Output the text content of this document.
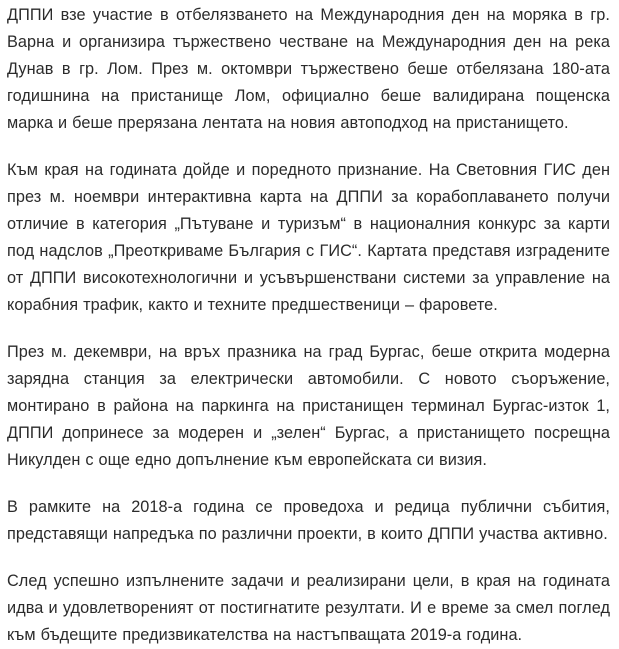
ДППИ взе участие в отбелязването на Международния ден на моряка в гр. Варна и организира тържествено честване на Международния ден на река Дунав в гр. Лом. През м. октомври тържествено беше отбелязана 180-ата годишнина на пристанище Лом, официално беше валидирана пощенска марка и беше прерязана лентата на новия автоподход на пристанището.

Към края на годината дойде и поредното признание. На Световния ГИС ден през м. ноември интерактивна карта на ДППИ за корабоплаването получи отличие в категория „Пътуване и туризъм“ в националния конкурс за карти под надслов „Преоткриваме България с ГИС“. Картата представя изградените от ДППИ високотехнологични и усъвършенствани системи за управление на корабния трафик, както и техните предшественици – фаровете.

През м. декември, на връх празника на град Бургас, беше открита модерна зарядна станция за електрически автомобили. С новото съоръжение, монтирано в района на паркинга на пристанищен терминал Бургас-изток 1, ДППИ допринесе за модерен и „зелен“ Бургас, а пристанището посрещна Никулден с още едно допълнение към европейската си визия.

В рамките на 2018-а година се проведоха и редица публични събития, представящи напредъка по различни проекти, в които ДППИ участва активно.

След успешно изпълнените задачи и реализирани цели, в края на годината идва и удовлетвореният от постигнатите резултати. И е време за смел поглед към бъдещите предизвикателства на настъпващата 2019-а година.
